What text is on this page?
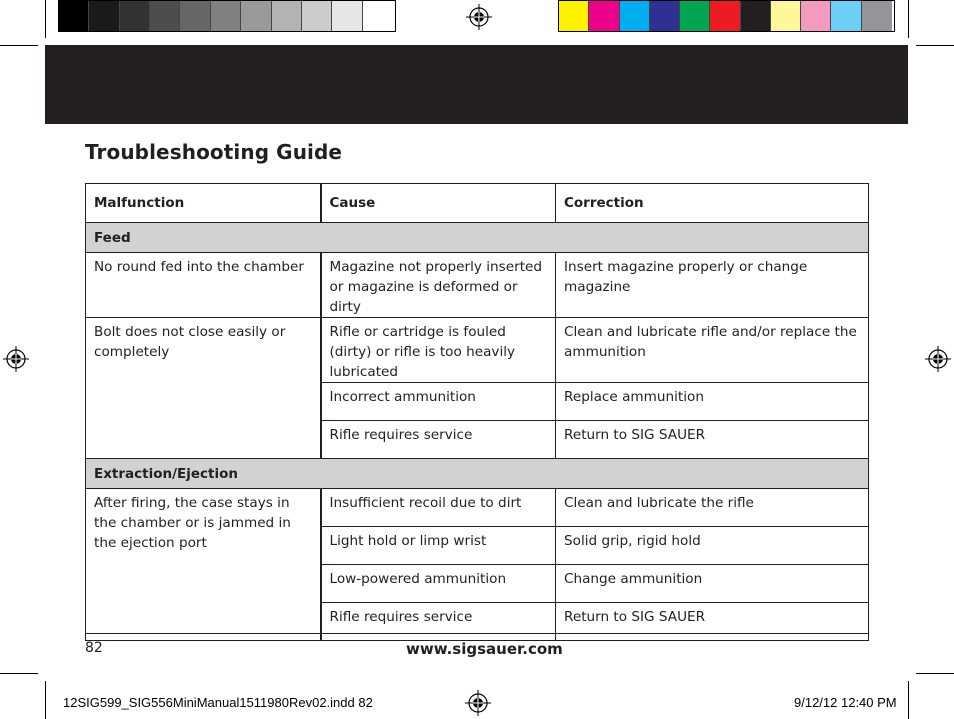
Troubleshooting Guide
Malfunction	Cause	Correction
Feed		
No round fed into the chamber	Magazine not properly inserted or magazine is deformed or dirty	Insert magazine properly or change magazine
Bolt does not close easily or completely	Rifle or cartridge is fouled (dirty) or rifle is too heavily lubricated	Clean and lubricate rifle and/or replace the ammunition
	Incorrect ammunition	Replace ammunition
	Rifle requires service	Return to SIG SAUER
Extraction/Ejection		
After firing, the case stays in the chamber or is jammed in the ejection port	Insufficient recoil due to dirt	Clean and lubricate the rifle
	Light hold or limp wrist	Solid grip, rigid hold
	Low-powered ammunition	Change ammunition
	Rifle requires service	Return to SIG SAUER
82	www.sigsauer.com
12SIG599_SIG556MiniManual1511980Rev02.indd 82	9/12/12 12:40 PM
